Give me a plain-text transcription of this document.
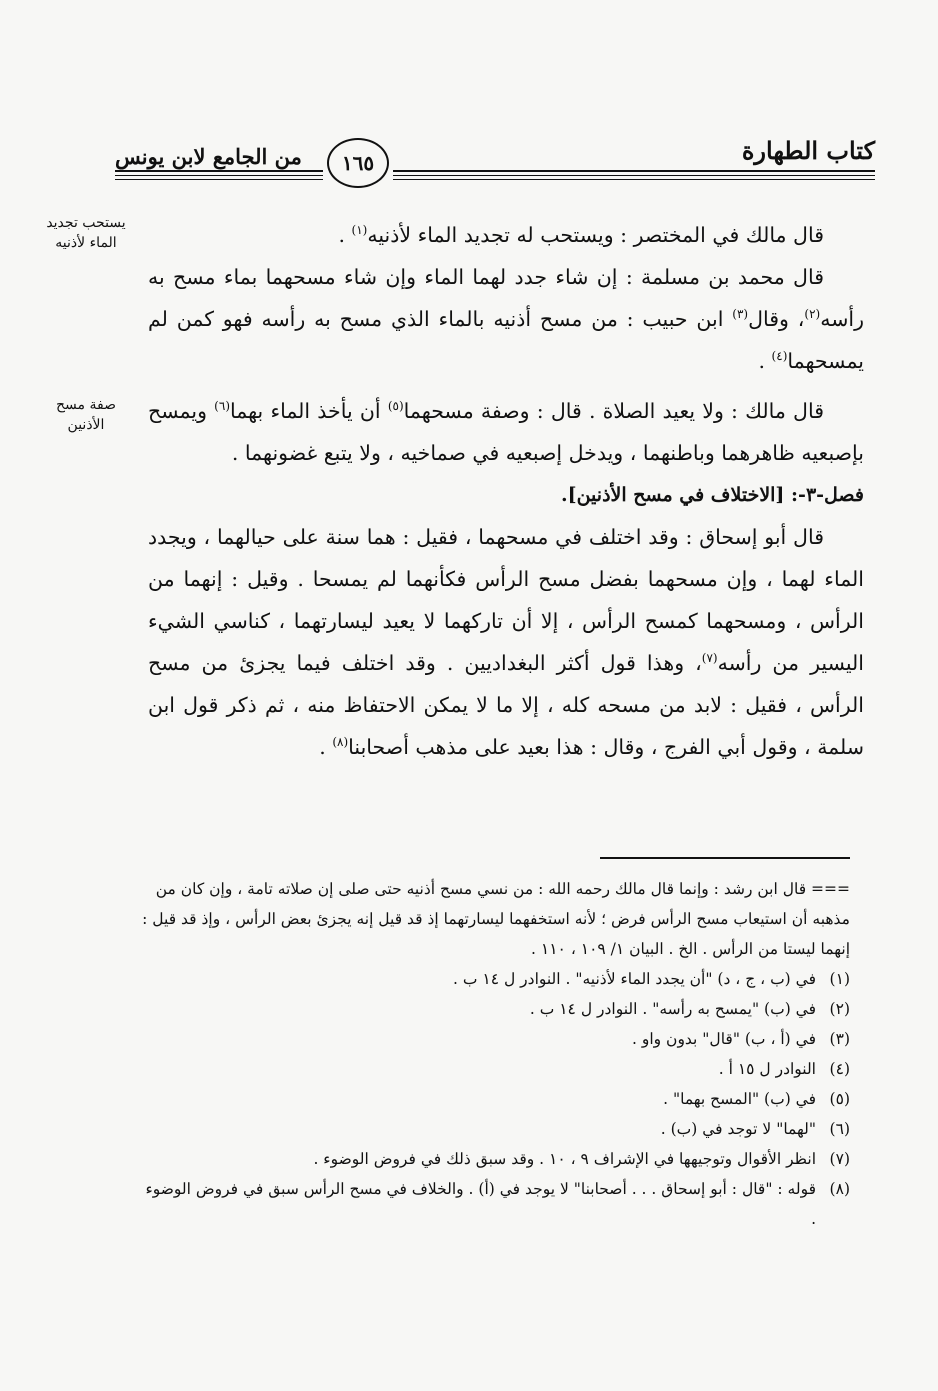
كتاب الطهارة
من الجامع لابن يونس	١٦٥
يستحب تجديد الماء لأذنيه
صفة مسح الأذنين

قال مالك في المختصر : ويستحب له تجديد الماء لأذنيه$^{(١)}$ .

قال محمد بن مسلمة : إن شاء جدد لهما الماء وإن شاء مسحهما بماء مسح به رأسه$^{(٢)}$، وقال$^{(٣)}$ ابن حبيب : من مسح أذنيه بالماء الذي مسح به رأسه فهو كمن لم يمسحهما$^{(٤)}$ .

قال مالك : ولا يعيد الصلاة . قال : وصفة مسحهما$^{(٥)}$ أن يأخذ الماء بهما$^{(٦)}$ ويمسح بإصبعيه ظاهرهما وباطنهما ، ويدخل إصبعيه في صماخيه ، ولا يتبع غضونهما .

فصل-٣-: [الاختلاف في مسح الأذنين].

قال أبو إسحاق : وقد اختلف في مسحهما ، فقيل : هما سنة على حيالهما ، ويجدد الماء لهما ، وإن مسحهما بفضل مسح الرأس فكأنهما لم يمسحا . وقيل : إنهما من الرأس ، ومسحهما كمسح الرأس ، إلا أن تاركهما لا يعيد ليسارتهما ، كناسي الشيء اليسير من رأسه$^{(٧)}$، وهذا قول أكثر البغداديين . وقد اختلف فيما يجزئ من مسح الرأس ، فقيل : لابد من مسحه كله ، إلا ما لا يمكن الاحتفاظ منه ، ثم ذكر قول ابن سلمة ، وقول أبي الفرج ، وقال : هذا بعيد على مذهب أصحابنا$^{(٨)}$ .

=== قال ابن رشد : وإنما قال مالك رحمه الله : من نسي مسح أذنيه حتى صلى إن صلاته تامة ، وإن كان من مذهبه أن استيعاب مسح الرأس فرض ؛ لأنه استخفهما ليسارتهما إذ قد قيل إنه يجزئ بعض الرأس ، وإذ قد قيل : إنهما ليستا من الرأس . الخ . البيان ١/ ١٠٩ ، ١١٠ .

(١)
في (ب ، ج ، د) "أن يجدد الماء لأذنيه" . النوادر ل ١٤ ب .

(٢)
في (ب) "يمسح به رأسه" . النوادر ل ١٤ ب .

(٣)
في (أ ، ب) "قال" بدون واو .

(٤)
النوادر ل ١٥ أ .

(٥)
في (ب) "المسح بهما" .

(٦)
"لهما" لا توجد في (ب) .

(٧)
انظر الأقوال وتوجيهها في الإشراف ٩ ، ١٠ . وقد سبق ذلك في فروض الوضوء .

(٨)
قوله : "قال : أبو إسحاق . . . أصحابنا" لا يوجد في (أ) . والخلاف في مسح الرأس سبق في فروض الوضوء .
